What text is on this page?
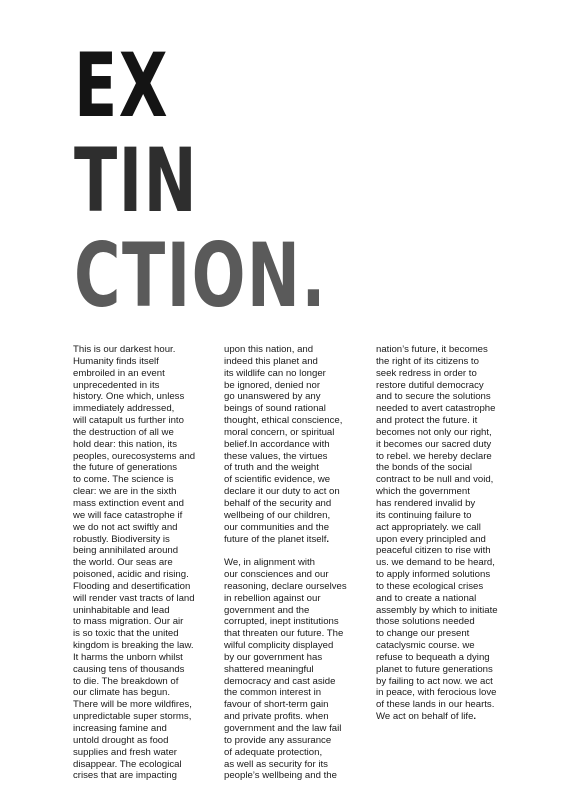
EX
TIN
CTION.

This is our darkest hour.
Humanity finds itself
embroiled in an event
unprecedented in its
history. One which, unless
immediately addressed,
will catapult us further into
the destruction of all we
hold dear: this nation, its
peoples, ourecosystems and
the future of generations
to come. The science is
clear: we are in the sixth
mass extinction event and
we will face catastrophe if
we do not act swiftly and
robustly. Biodiversity is
being annihilated around
the world. Our seas are
poisoned, acidic and rising.
Flooding and desertification
will render vast tracts of land
uninhabitable and lead
to mass migration. Our air
is so toxic that the united
kingdom is breaking the law.
It harms the unborn whilst
causing tens of thousands
to die. The breakdown of
our climate has begun.
There will be more wildfires,
unpredictable super storms,
increasing famine and
untold drought as food
supplies and fresh water
disappear. The ecological
crises that are impacting

upon this nation, and
indeed this planet and
its wildlife can no longer
be ignored, denied nor
go unanswered by any
beings of sound rational
thought, ethical conscience,
moral concern, or spiritual
belief.In accordance with
these values, the virtues
of truth and the weight
of scientific evidence, we
declare it our duty to act on
behalf of the security and
wellbeing of our children,
our communities and the
future of the planet itself.

We, in alignment with
our consciences and our
reasoning, declare ourselves
in rebellion against our
government and the
corrupted, inept institutions
that threaten our future. The
wilful complicity displayed
by our government has
shattered meaningful
democracy and cast aside
the common interest in
favour of short-term gain
and private profits. when
government and the law fail
to provide any assurance
of adequate protection,
as well as security for its
people’s wellbeing and the

nation’s future, it becomes
the right of its citizens to
seek redress in order to
restore dutiful democracy
and to secure the solutions
needed to avert catastrophe
and protect the future. it
becomes not only our right,
it becomes our sacred duty
to rebel. we hereby declare
the bonds of the social
contract to be null and void,
which the government
has rendered invalid by
its continuing failure to
act appropriately. we call
upon every principled and
peaceful citizen to rise with
us. we demand to be heard,
to apply informed solutions
to these ecological crises
and to create a national
assembly by which to initiate
those solutions needed
to change our present
cataclysmic course. we
refuse to bequeath a dying
planet to future generations
by failing to act now. we act
in peace, with ferocious love
of these lands in our hearts.
We act on behalf of life.
